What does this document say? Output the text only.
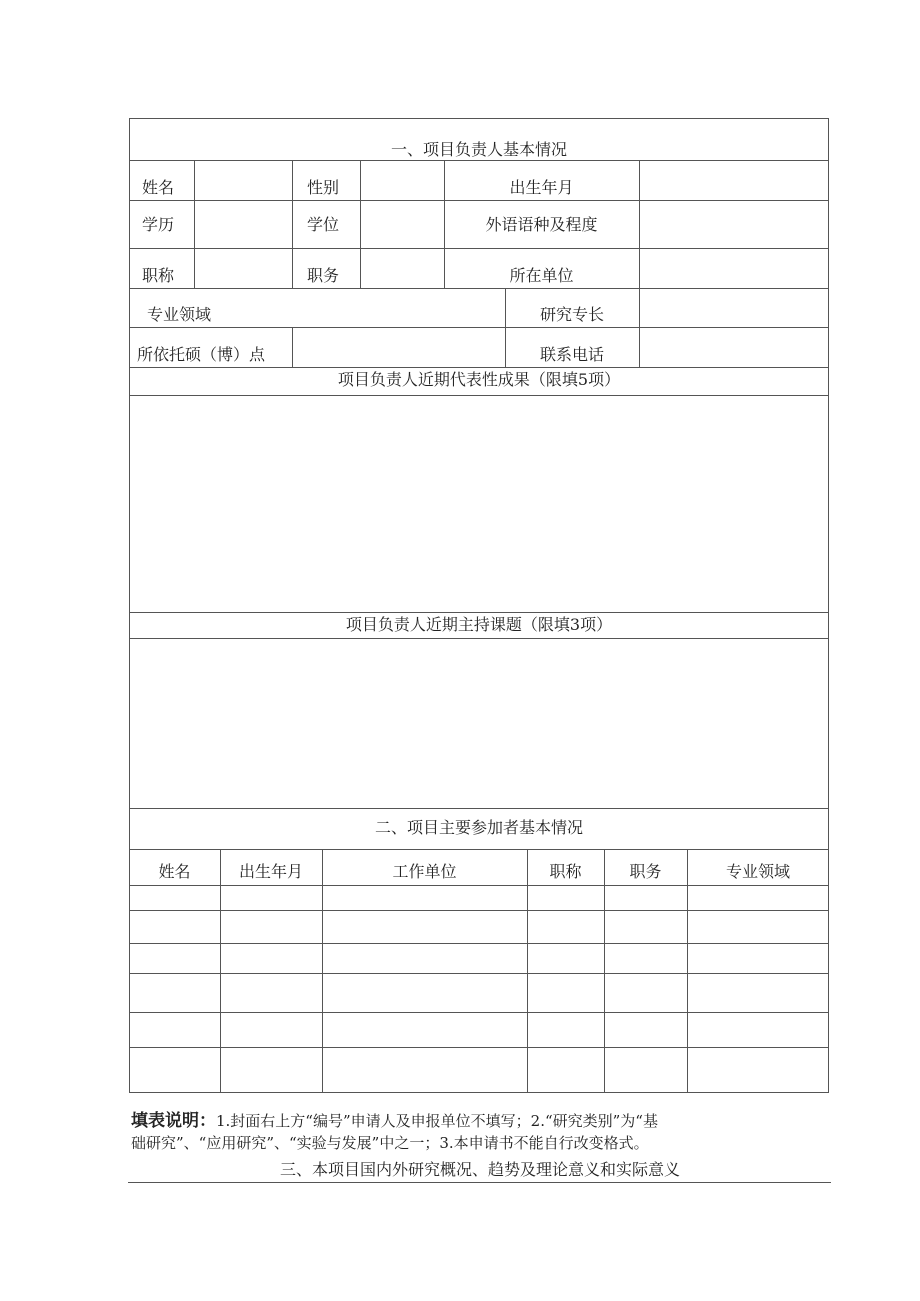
一、项目负责人基本情况
姓名	性别	出生年月
学历	学位	外语语种及程度
职称	职务	所在单位
专业领域	研究专长
所依托硕（博）点	联系电话
项目负责人近期代表性成果（限填5项）
项目负责人近期主持课题（限填3项）
二、项目主要参加者基本情况
姓名	出生年月	工作单位	职称	职务	专业领域
填表说明：1.封面右上方“编号”申请人及申报单位不填写；2.“研究类别”为“基
础研究”、“应用研究”、“实验与发展”中之一；3.本申请书不能自行改变格式。
三、本项目国内外研究概况、趋势及理论意义和实际意义
